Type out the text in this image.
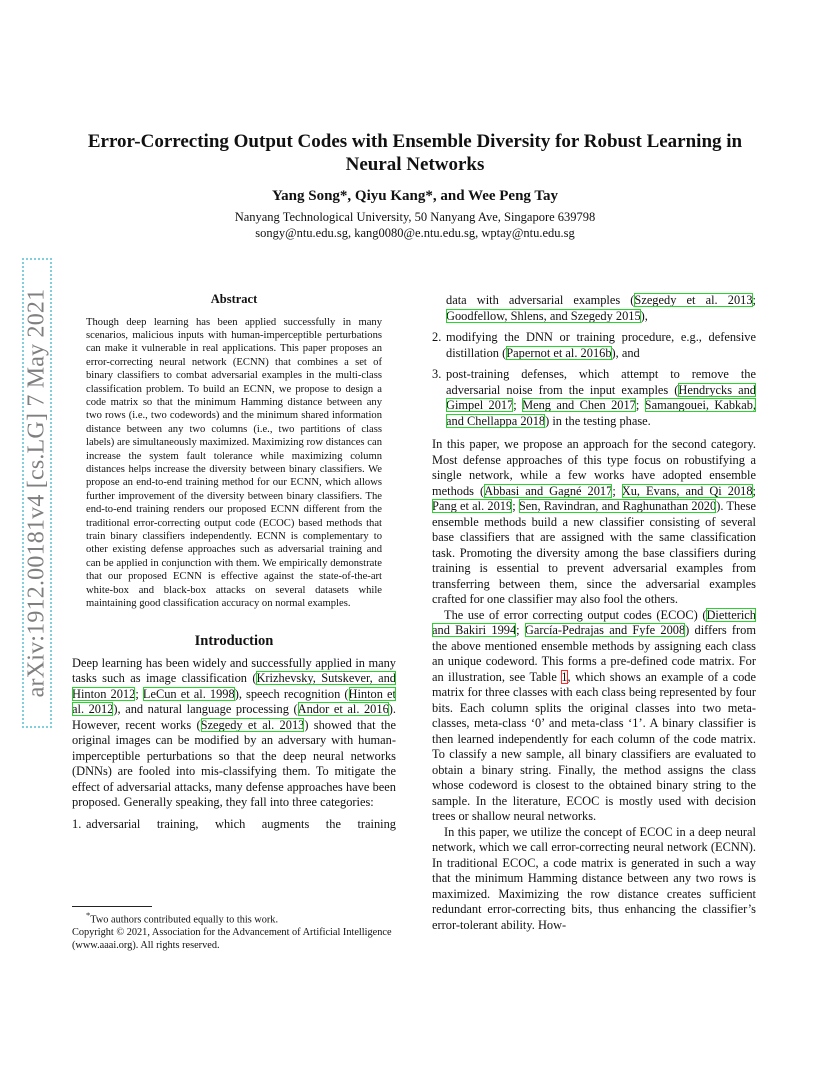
arXiv:1912.00181v4 [cs.LG] 7 May 2021
Error-Correcting Output Codes with Ensemble Diversity for Robust Learning in Neural Networks
Yang Song*, Qiyu Kang*, and Wee Peng Tay
Nanyang Technological University, 50 Nanyang Ave, Singapore 639798
songy@ntu.edu.sg, kang0080@e.ntu.edu.sg, wptay@ntu.edu.sg
Abstract

Though deep learning has been applied successfully in many scenarios, malicious inputs with human-imperceptible perturbations can make it vulnerable in real applications. This paper proposes an error-correcting neural network (ECNN) that combines a set of binary classifiers to combat adversarial examples in the multi-class classification problem. To build an ECNN, we propose to design a code matrix so that the minimum Hamming distance between any two rows (i.e., two codewords) and the minimum shared information distance between any two columns (i.e., two partitions of class labels) are simultaneously maximized. Maximizing row distances can increase the system fault tolerance while maximizing column distances helps increase the diversity between binary classifiers. We propose an end-to-end training method for our ECNN, which allows further improvement of the diversity between binary classifiers. The end-to-end training renders our proposed ECNN different from the traditional error-correcting output code (ECOC) based methods that train binary classifiers independently. ECNN is complementary to other existing defense approaches such as adversarial training and can be applied in conjunction with them. We empirically demonstrate that our proposed ECNN is effective against the state-of-the-art white-box and black-box attacks on several datasets while maintaining good classification accuracy on normal examples.

Introduction

Deep learning has been widely and successfully applied in many tasks such as image classification (Krizhevsky, Sutskever, and Hinton 2012; LeCun et al. 1998), speech recognition (Hinton et al. 2012), and natural language processing (Andor et al. 2016). However, recent works (Szegedy et al. 2013) showed that the original images can be modified by an adversary with human-imperceptible perturbations so that the deep neural networks (DNNs) are fooled into mis-classifying them. To mitigate the effect of adversarial attacks, many defense approaches have been proposed. Generally speaking, they fall into three categories:

1. adversarial training, which augments the training
*Two authors contributed equally to this work.
Copyright © 2021, Association for the Advancement of Artificial Intelligence (www.aaai.org). All rights reserved.
data with adversarial examples (Szegedy et al. 2013; Goodfellow, Shlens, and Szegedy 2015),
2. modifying the DNN or training procedure, e.g., defensive distillation (Papernot et al. 2016b), and
3. post-training defenses, which attempt to remove the adversarial noise from the input examples (Hendrycks and Gimpel 2017; Meng and Chen 2017; Samangouei, Kabkab, and Chellappa 2018) in the testing phase.

In this paper, we propose an approach for the second category. Most defense approaches of this type focus on robustifying a single network, while a few works have adopted ensemble methods (Abbasi and Gagné 2017; Xu, Evans, and Qi 2018; Pang et al. 2019; Sen, Ravindran, and Raghunathan 2020). These ensemble methods build a new classifier consisting of several base classifiers that are assigned with the same classification task. Promoting the diversity among the base classifiers during training is essential to prevent adversarial examples from transferring between them, since the adversarial examples crafted for one classifier may also fool the others.

The use of error correcting output codes (ECOC) (Dietterich and Bakiri 1994; García-Pedrajas and Fyfe 2008) differs from the above mentioned ensemble methods by assigning each class an unique codeword. This forms a pre-defined code matrix. For an illustration, see Table 1, which shows an example of a code matrix for three classes with each class being represented by four bits. Each column splits the original classes into two meta-classes, meta-class ‘0’ and meta-class ‘1’. A binary classifier is then learned independently for each column of the code matrix. To classify a new sample, all binary classifiers are evaluated to obtain a binary string. Finally, the method assigns the class whose codeword is closest to the obtained binary string to the sample. In the literature, ECOC is mostly used with decision trees or shallow neural networks.

In this paper, we utilize the concept of ECOC in a deep neural network, which we call error-correcting neural network (ECNN). In traditional ECOC, a code matrix is generated in such a way that the minimum Hamming distance between any two rows is maximized. Maximizing the row distance creates sufficient redundant error-correcting bits, thus enhancing the classifier’s error-tolerant ability. How-
